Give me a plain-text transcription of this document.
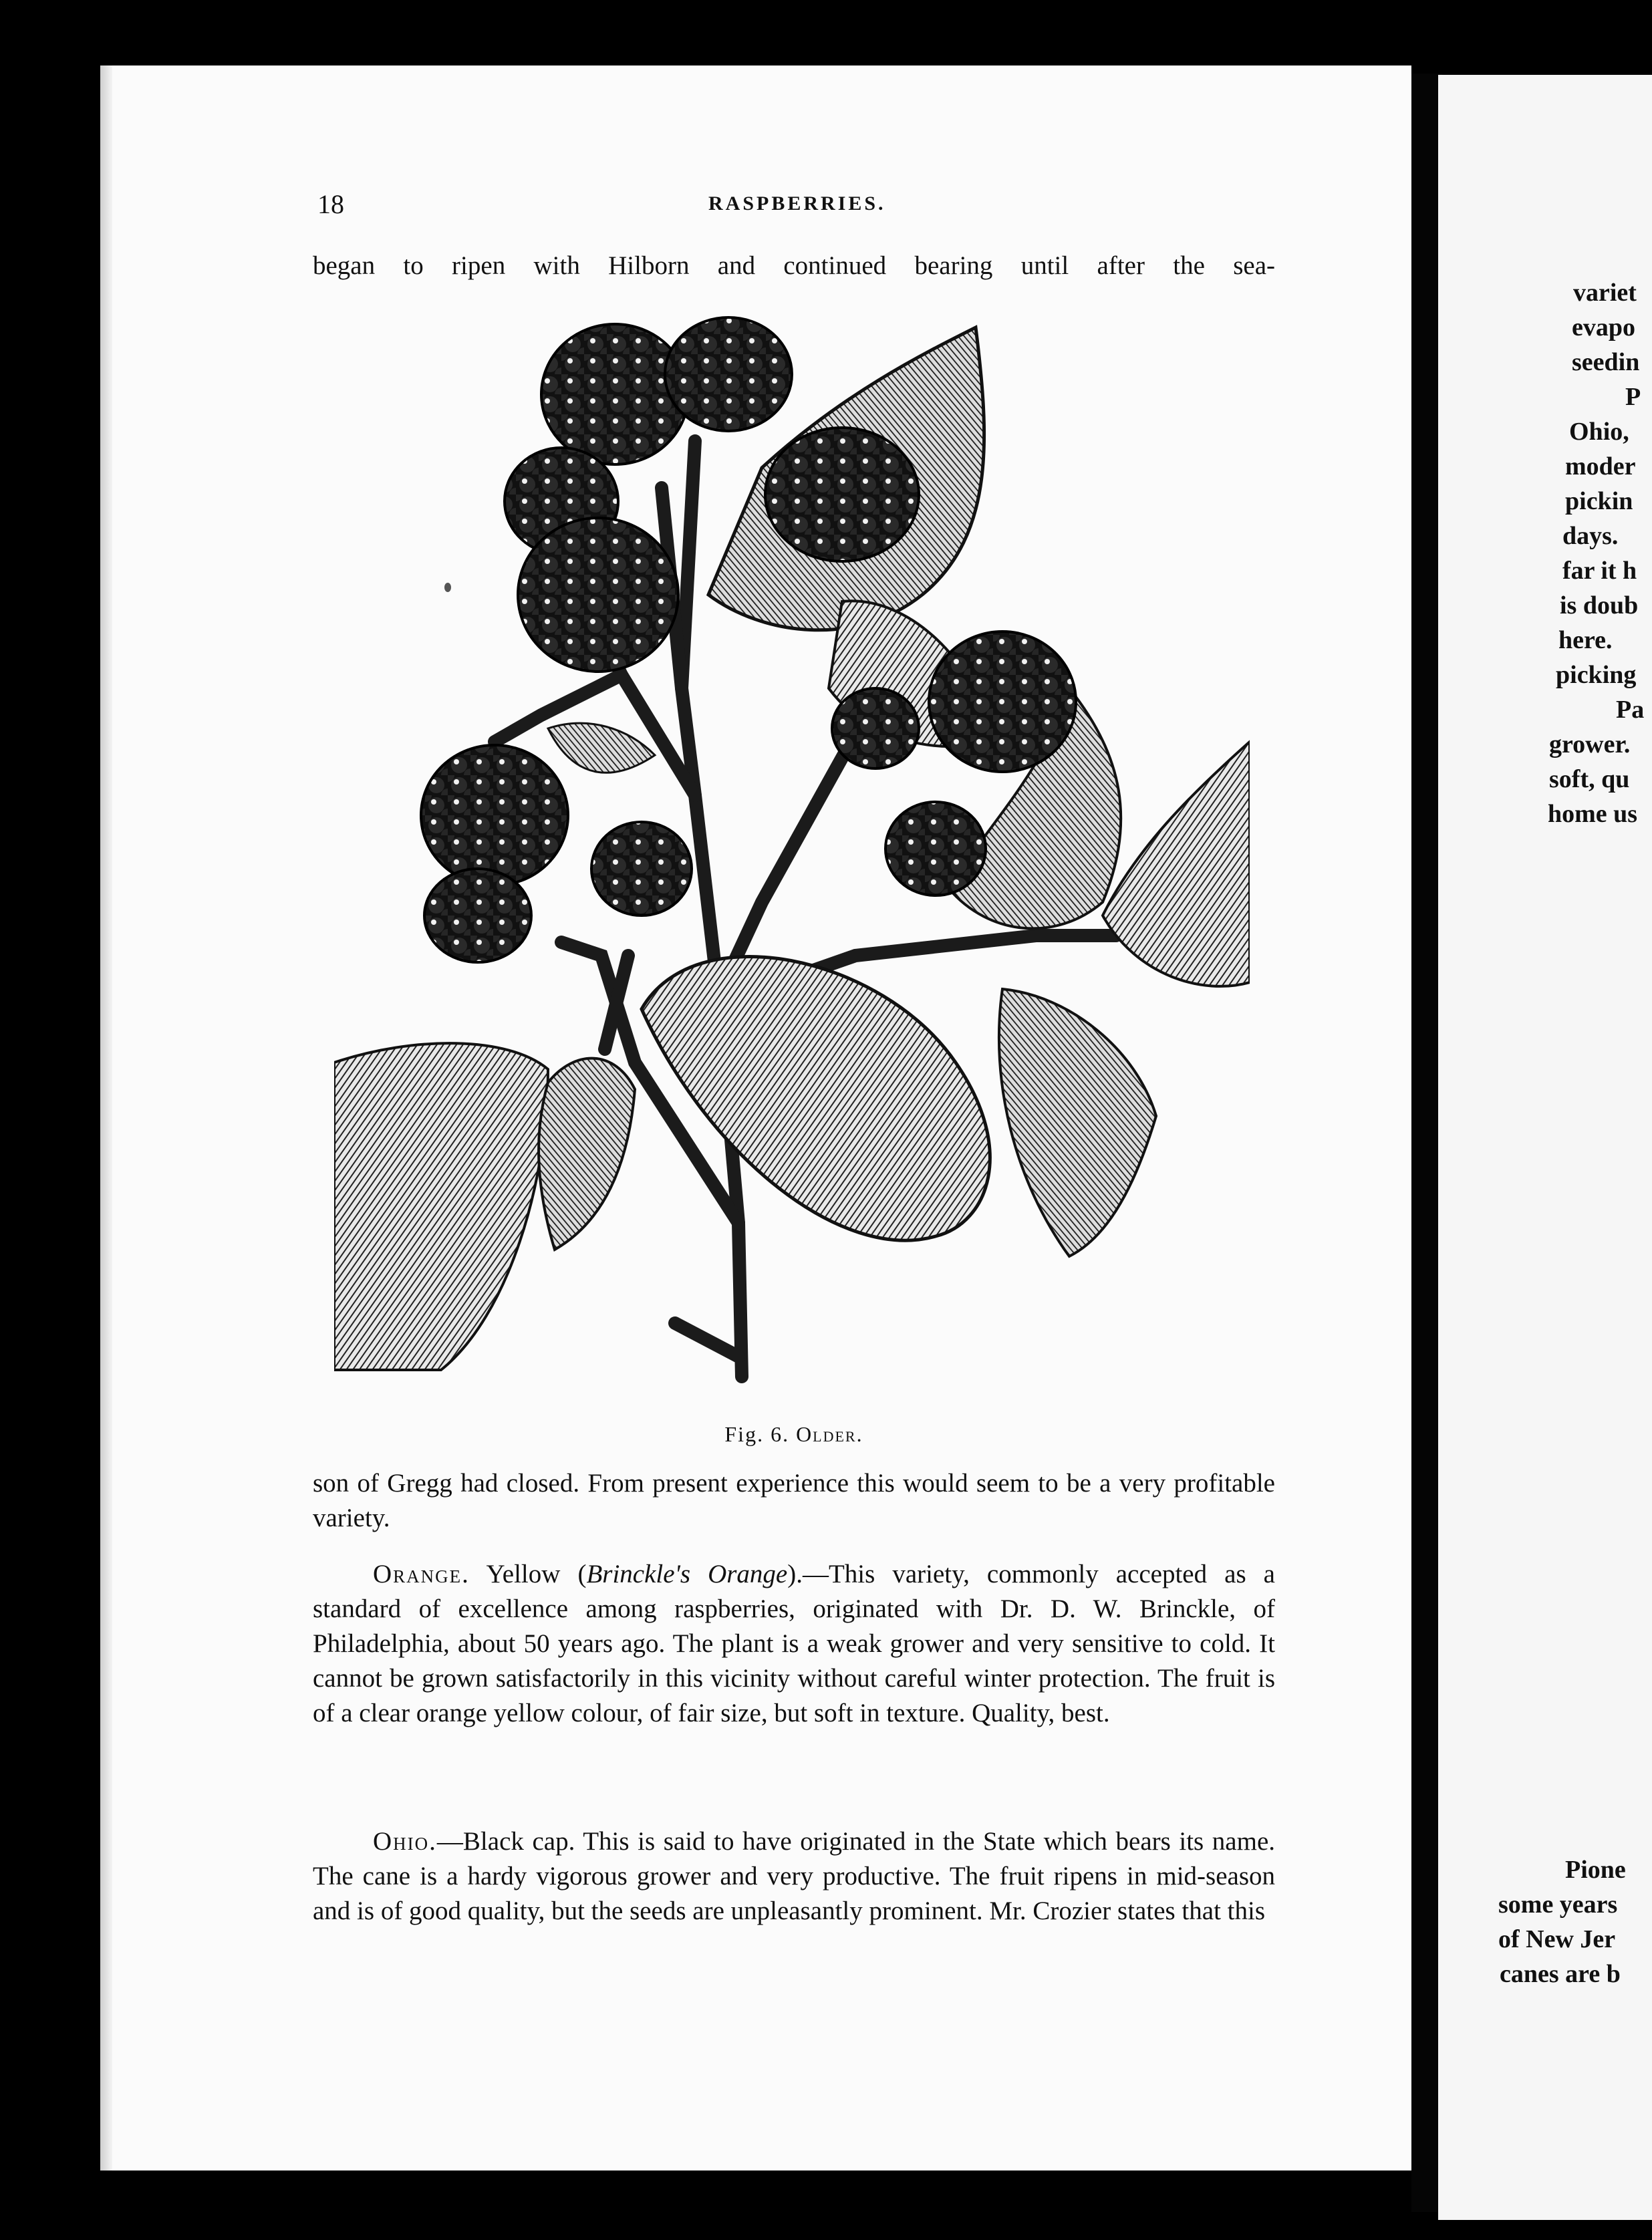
18	RASPBERRIES.

began to ripen with Hilborn and continued bearing until after the sea-

Fig. 6. Older.

son of Gregg had closed. From present experience this would seem to be a very profitable variety.

Orange. Yellow (Brinckle's Orange).—This variety, commonly accepted as a standard of excellence among raspberries, originated with Dr. D. W. Brinckle, of Philadelphia, about 50 years ago. The plant is a weak grower and very sensitive to cold. It cannot be grown satisfactorily in this vicinity without careful winter protection. The fruit is of a clear orange yellow colour, of fair size, but soft in texture. Quality, best.

Ohio.—Black cap. This is said to have originated in the State which bears its name. The cane is a hardy vigorous grower and very productive. The fruit ripens in mid-season and is of good quality, but the seeds are unpleasantly prominent. Mr. Crozier states that this

variet
evapo
seedin
P
Ohio,
moder
pickin
days.
far it h
is doub
here.
picking
Pa
grower.
soft, qu
home us
Pione
some years
of New Jer
canes are b
